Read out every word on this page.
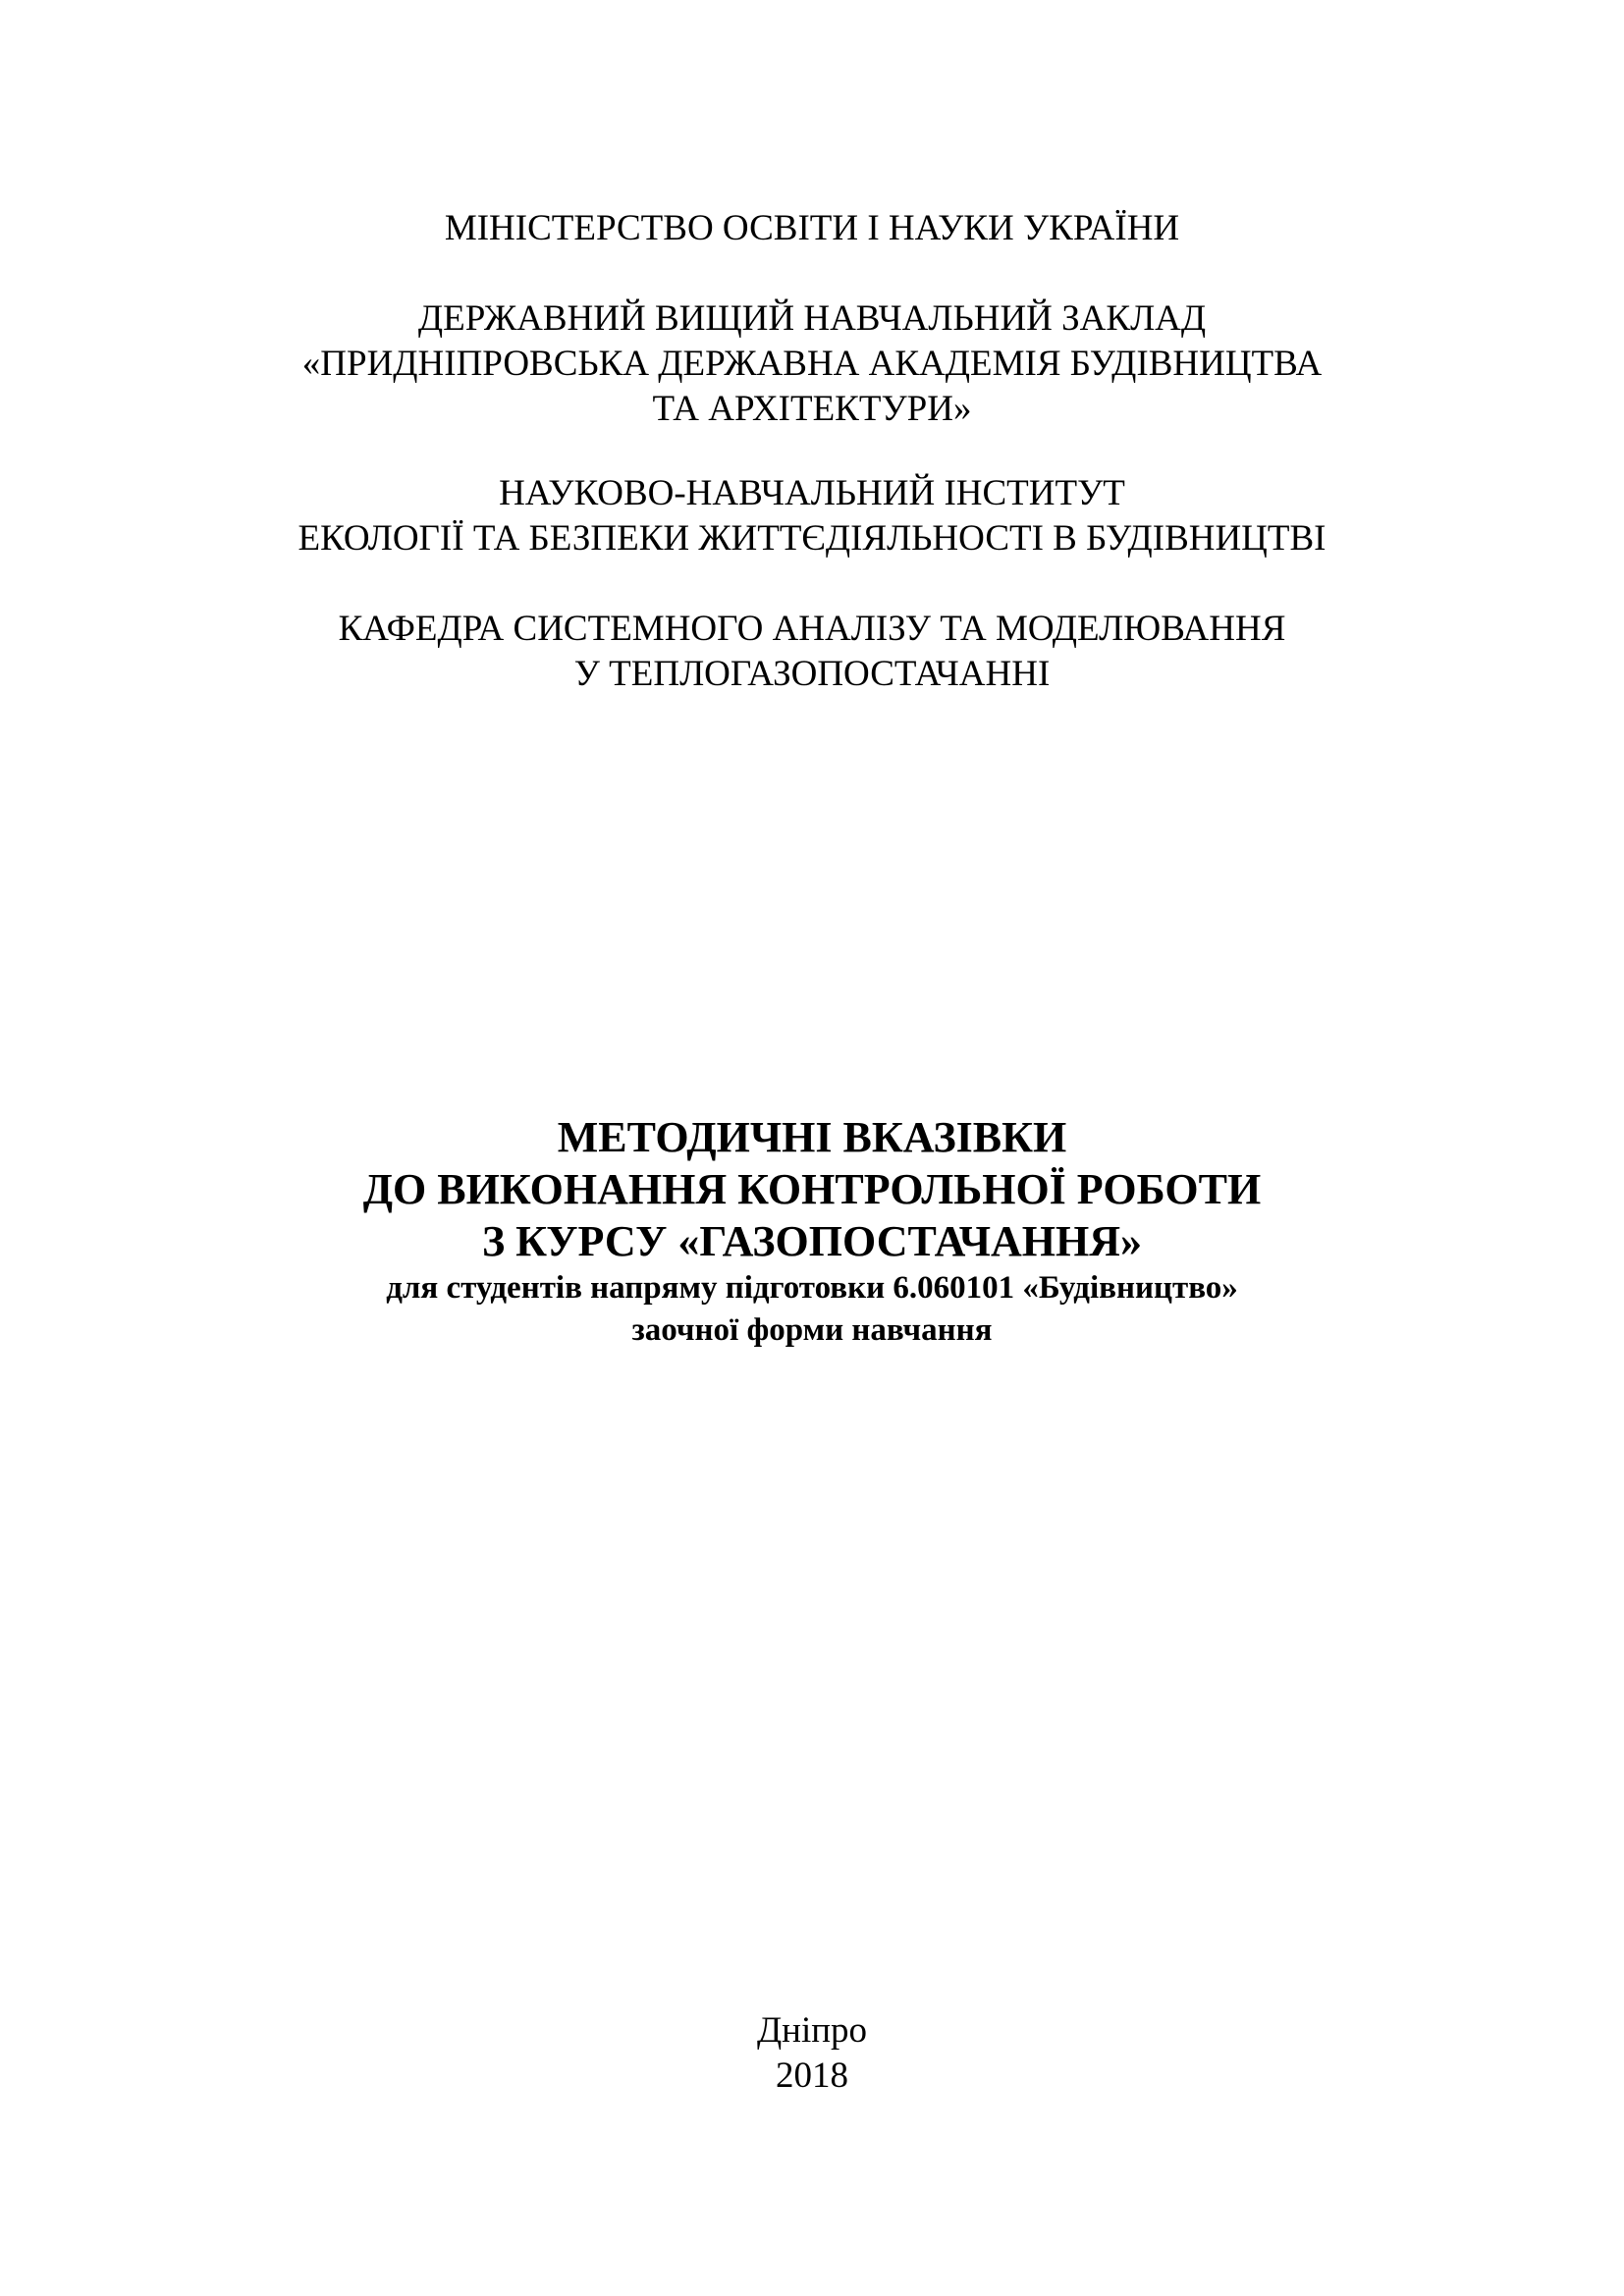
МІНІСТЕРСТВО ОСВІТИ І НАУКИ УКРАЇНИ
ДЕРЖАВНИЙ ВИЩИЙ НАВЧАЛЬНИЙ ЗАКЛАД
«ПРИДНІПРОВСЬКА ДЕРЖАВНА АКАДЕМІЯ БУДІВНИЦТВА
ТА АРХІТЕКТУРИ»
НАУКОВО-НАВЧАЛЬНИЙ ІНСТИТУТ
ЕКОЛОГІЇ ТА БЕЗПЕКИ ЖИТТЄДІЯЛЬНОСТІ В БУДІВНИЦТВІ
КАФЕДРА СИСТЕМНОГО АНАЛІЗУ ТА МОДЕЛЮВАННЯ
У ТЕПЛОГАЗОПОСТАЧАННІ
МЕТОДИЧНІ ВКАЗІВКИ
ДО ВИКОНАННЯ КОНТРОЛЬНОЇ РОБОТИ
З КУРСУ «ГАЗОПОСТАЧАННЯ»
для студентів напряму підготовки 6.060101 «Будівництво»
заочної форми навчання
Дніпро
2018
